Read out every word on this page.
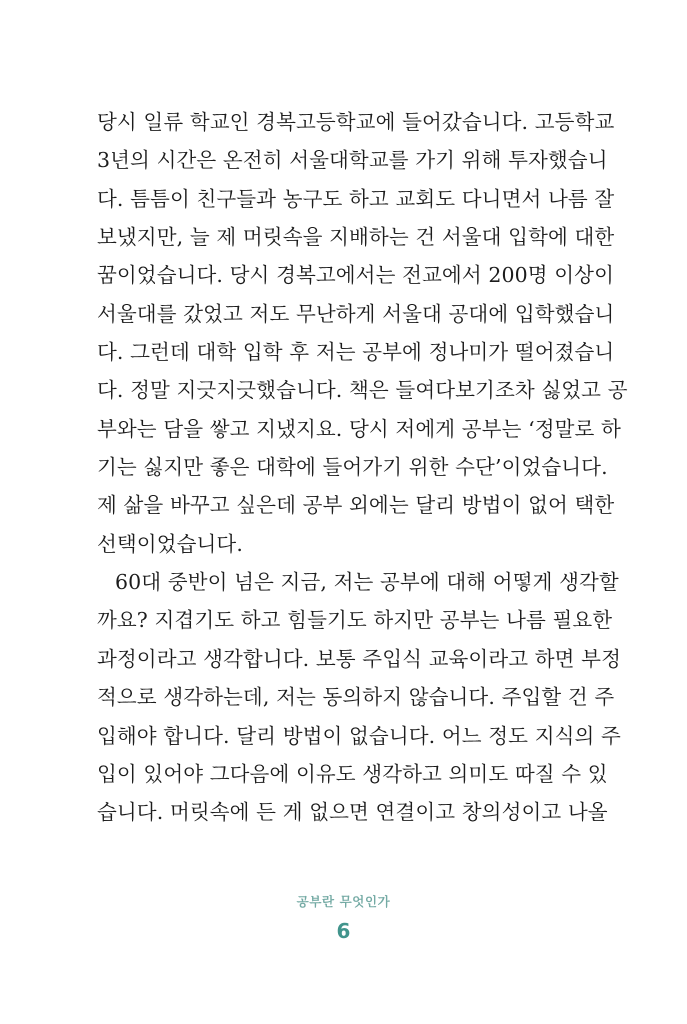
당시 일류 학교인 경복고등학교에 들어갔습니다. 고등학교
3년의 시간은 온전히 서울대학교를 가기 위해 투자했습니
다. 틈틈이 친구들과 농구도 하고 교회도 다니면서 나름 잘
보냈지만, 늘 제 머릿속을 지배하는 건 서울대 입학에 대한
꿈이었습니다. 당시 경복고에서는 전교에서 200명 이상이
서울대를 갔었고 저도 무난하게 서울대 공대에 입학했습니
다. 그런데 대학 입학 후 저는 공부에 정나미가 떨어졌습니
다. 정말 지긋지긋했습니다. 책은 들여다보기조차 싫었고 공
부와는 담을 쌓고 지냈지요. 당시 저에게 공부는 ‘정말로 하
기는 싫지만 좋은 대학에 들어가기 위한 수단’이었습니다.
제 삶을 바꾸고 싶은데 공부 외에는 달리 방법이 없어 택한
선택이었습니다.

60대 중반이 넘은 지금, 저는 공부에 대해 어떻게 생각할
까요? 지겹기도 하고 힘들기도 하지만 공부는 나름 필요한
과정이라고 생각합니다. 보통 주입식 교육이라고 하면 부정
적으로 생각하는데, 저는 동의하지 않습니다. 주입할 건 주
입해야 합니다. 달리 방법이 없습니다. 어느 정도 지식의 주
입이 있어야 그다음에 이유도 생각하고 의미도 따질 수 있
습니다. 머릿속에 든 게 없으면 연결이고 창의성이고 나올

공부란 무엇인가
6
